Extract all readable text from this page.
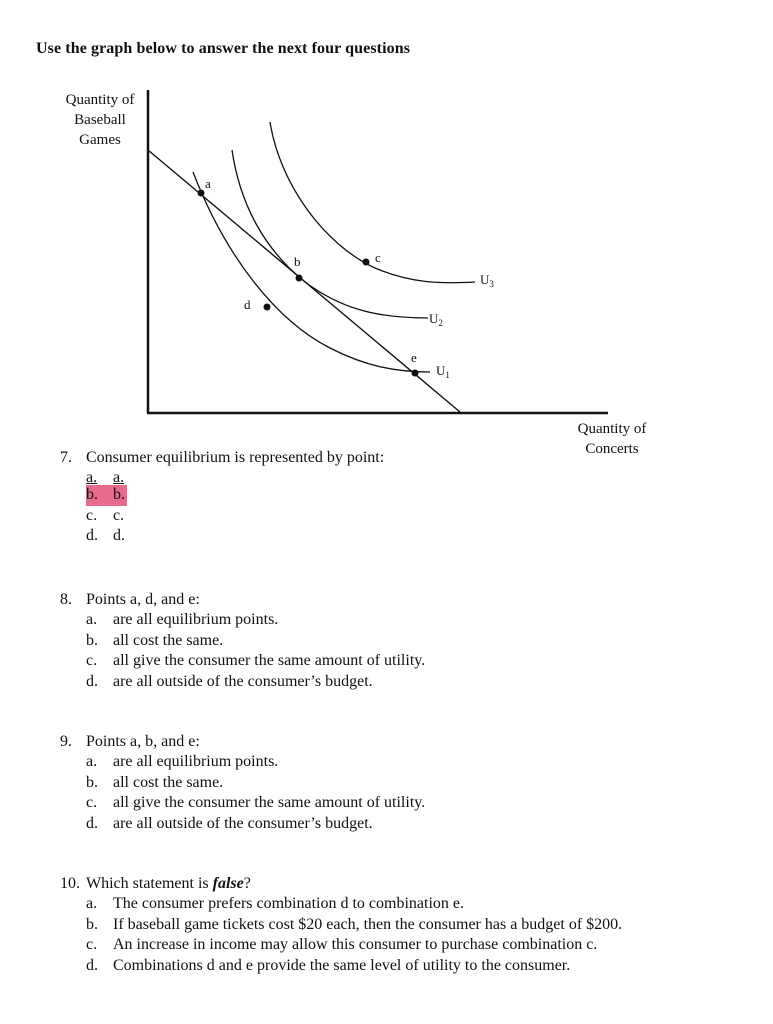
Use the graph below to answer the next four questions
Quantity of
Baseball
Games
a
b	c
d
e
$U_3$
$U_2$
$U_1$
Quantity of
Concerts
7. Consumer equilibrium is represented by point:
a. a.
b. b.
c. c.
d. d.
8. Points a, d, and e:
a. are all equilibrium points.
b. all cost the same.
c. all give the consumer the same amount of utility.
d. are all outside of the consumer’s budget.
9. Points a, b, and e:
a. are all equilibrium points.
b. all cost the same.
c. all give the consumer the same amount of utility.
d. are all outside of the consumer’s budget.
10. Which statement is false?
a. The consumer prefers combination d to combination e.
b. If baseball game tickets cost $20 each, then the consumer has a budget of $200.
c. An increase in income may allow this consumer to purchase combination c.
d. Combinations d and e provide the same level of utility to the consumer.
